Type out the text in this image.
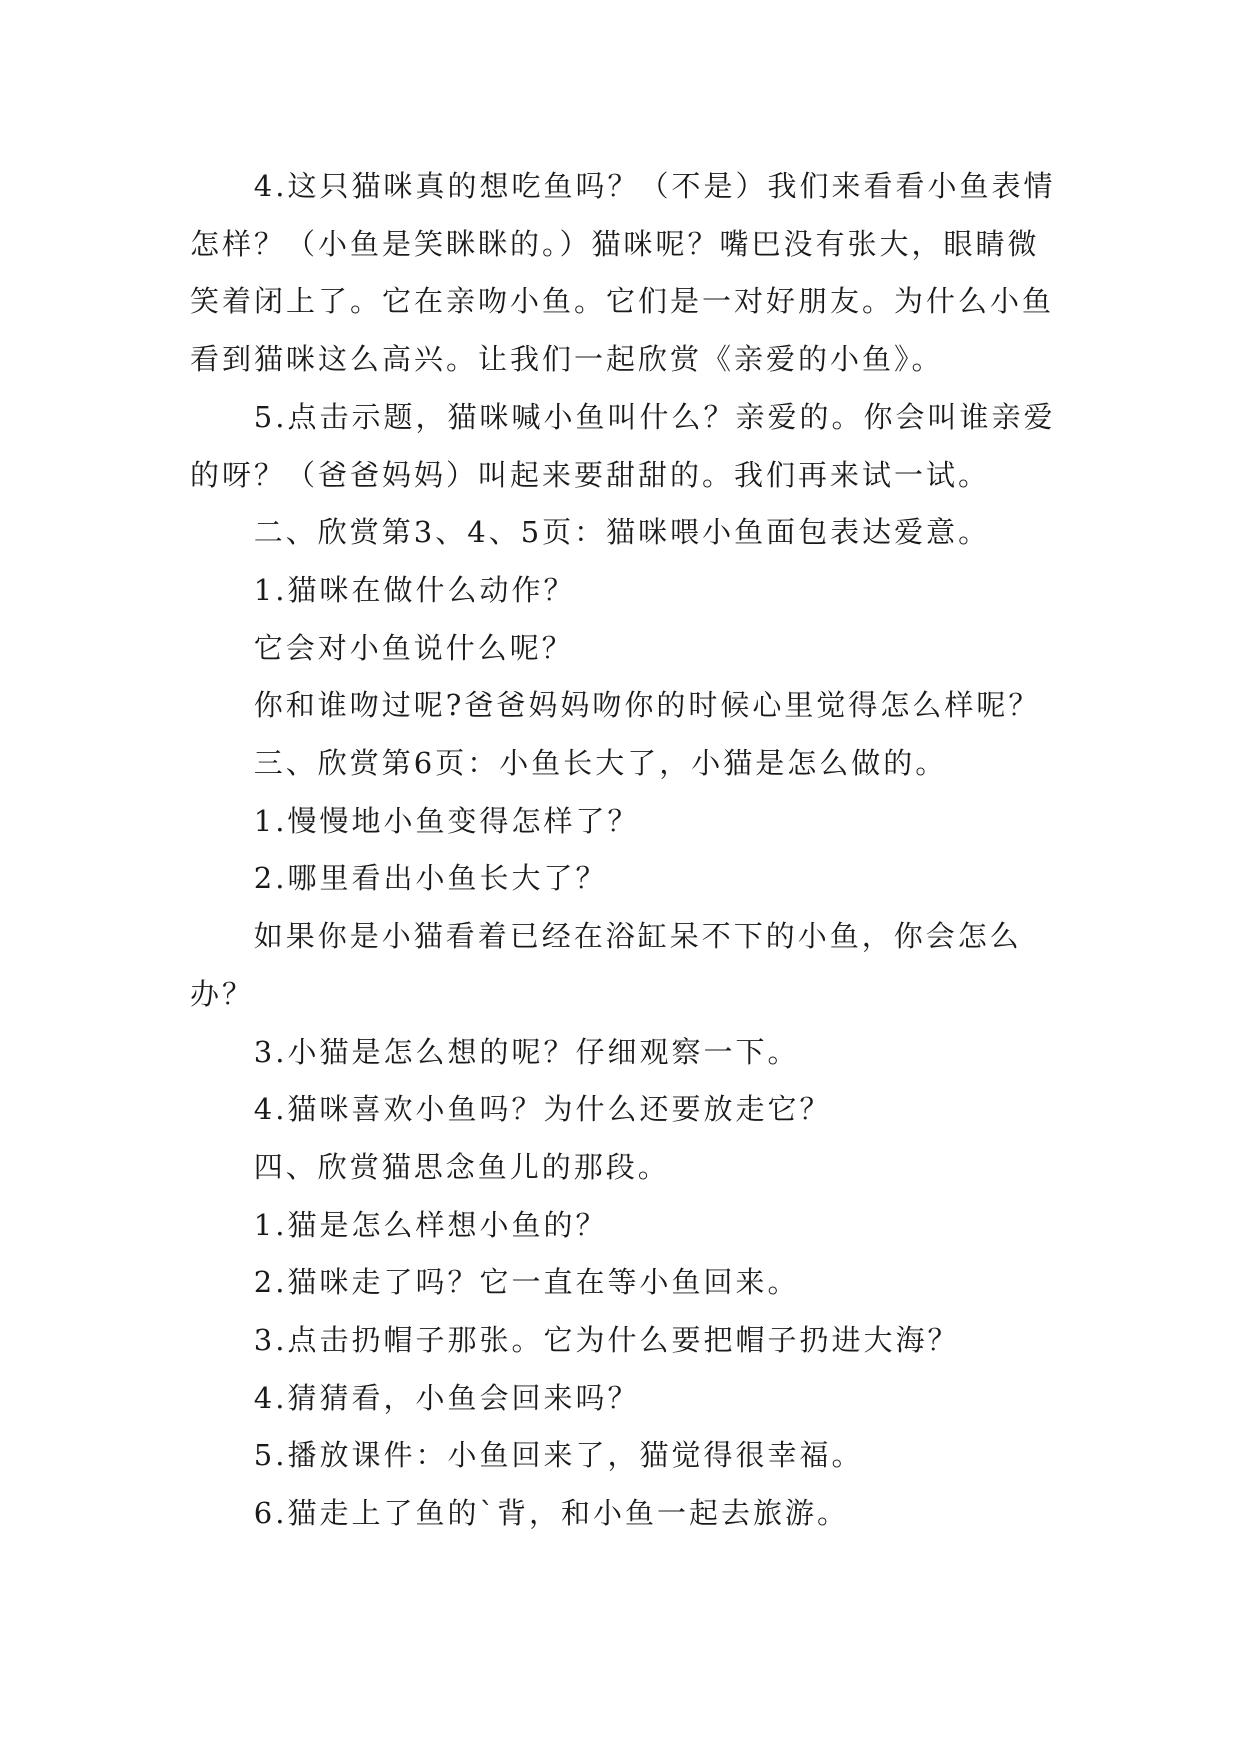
4.这只猫咪真的想吃鱼吗？（不是）我们来看看小鱼表情怎样？（小鱼是笑眯眯的。）猫咪呢？嘴巴没有张大，眼睛微笑着闭上了。它在亲吻小鱼。它们是一对好朋友。为什么小鱼看到猫咪这么高兴。让我们一起欣赏《亲爱的小鱼》。

5.点击示题，猫咪喊小鱼叫什么？亲爱的。你会叫谁亲爱的呀？（爸爸妈妈）叫起来要甜甜的。我们再来试一试。

二、欣赏第3、4、5页：猫咪喂小鱼面包表达爱意。

1.猫咪在做什么动作？

它会对小鱼说什么呢？

你和谁吻过呢?爸爸妈妈吻你的时候心里觉得怎么样呢？

三、欣赏第6页：小鱼长大了，小猫是怎么做的。

1.慢慢地小鱼变得怎样了？

2.哪里看出小鱼长大了？

如果你是小猫看着已经在浴缸呆不下的小鱼，你会怎么办？

3.小猫是怎么想的呢？仔细观察一下。

4.猫咪喜欢小鱼吗？为什么还要放走它？

四、欣赏猫思念鱼儿的那段。

1.猫是怎么样想小鱼的？

2.猫咪走了吗？它一直在等小鱼回来。

3.点击扔帽子那张。它为什么要把帽子扔进大海？

4.猜猜看，小鱼会回来吗？

5.播放课件：小鱼回来了，猫觉得很幸福。

6.猫走上了鱼的`背，和小鱼一起去旅游。
